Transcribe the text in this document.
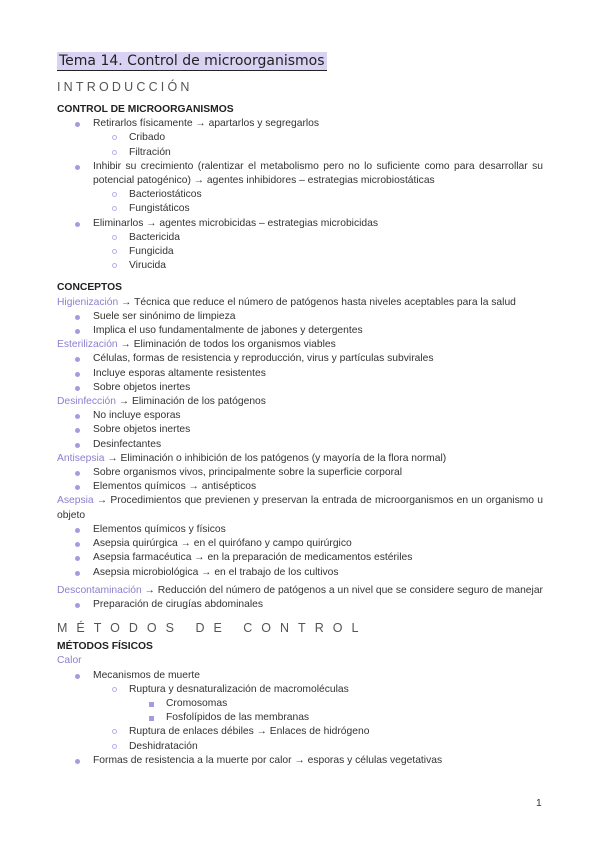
Tema 14. Control de microorganismos
INTRODUCCIÓN
CONTROL DE MICROORGANISMOS
Retirarlos físicamente → apartarlos y segregarlos
Cribado
Filtración
Inhibir su crecimiento (ralentizar el metabolismo pero no lo suficiente como para desarrollar su potencial patogénico) → agentes inhibidores – estrategias microbiostáticas
Bacteriostáticos
Fungistáticos
Eliminarlos → agentes microbicidas – estrategias microbicidas
Bactericida
Fungicida
Virucida
CONCEPTOS

Higienización → Técnica que reduce el número de patógenos hasta niveles aceptables para la salud

Suele ser sinónimo de limpieza
Implica el uso fundamentalmente de jabones y detergentes

Esterilización → Eliminación de todos los organismos viables

Células, formas de resistencia y reproducción, virus y partículas subvirales
Incluye esporas altamente resistentes
Sobre objetos inertes

Desinfección → Eliminación de los patógenos

No incluye esporas
Sobre objetos inertes
Desinfectantes

Antisepsia → Eliminación o inhibición de los patógenos (y mayoría de la flora normal)

Sobre organismos vivos, principalmente sobre la superficie corporal
Elementos químicos → antisépticos

Asepsia → Procedimientos que previenen y preservan la entrada de microorganismos en un organismo u objeto

Elementos químicos y físicos
Asepsia quirúrgica → en el quirófano y campo quirúrgico
Asepsia farmacéutica → en la preparación de medicamentos estériles
Asepsia microbiológica → en el trabajo de los cultivos

Descontaminación → Reducción del número de patógenos a un nivel que se considere seguro de manejar

Preparación de cirugías abdominales
MÉTODOS DE CONTROL
MÉTODOS FÍSICOS
Calor
Mecanismos de muerte
Ruptura y desnaturalización de macromoléculas
Cromosomas
Fosfolípidos de las membranas
Ruptura de enlaces débiles → Enlaces de hidrógeno
Deshidratación
Formas de resistencia a la muerte por calor → esporas y células vegetativas
1
